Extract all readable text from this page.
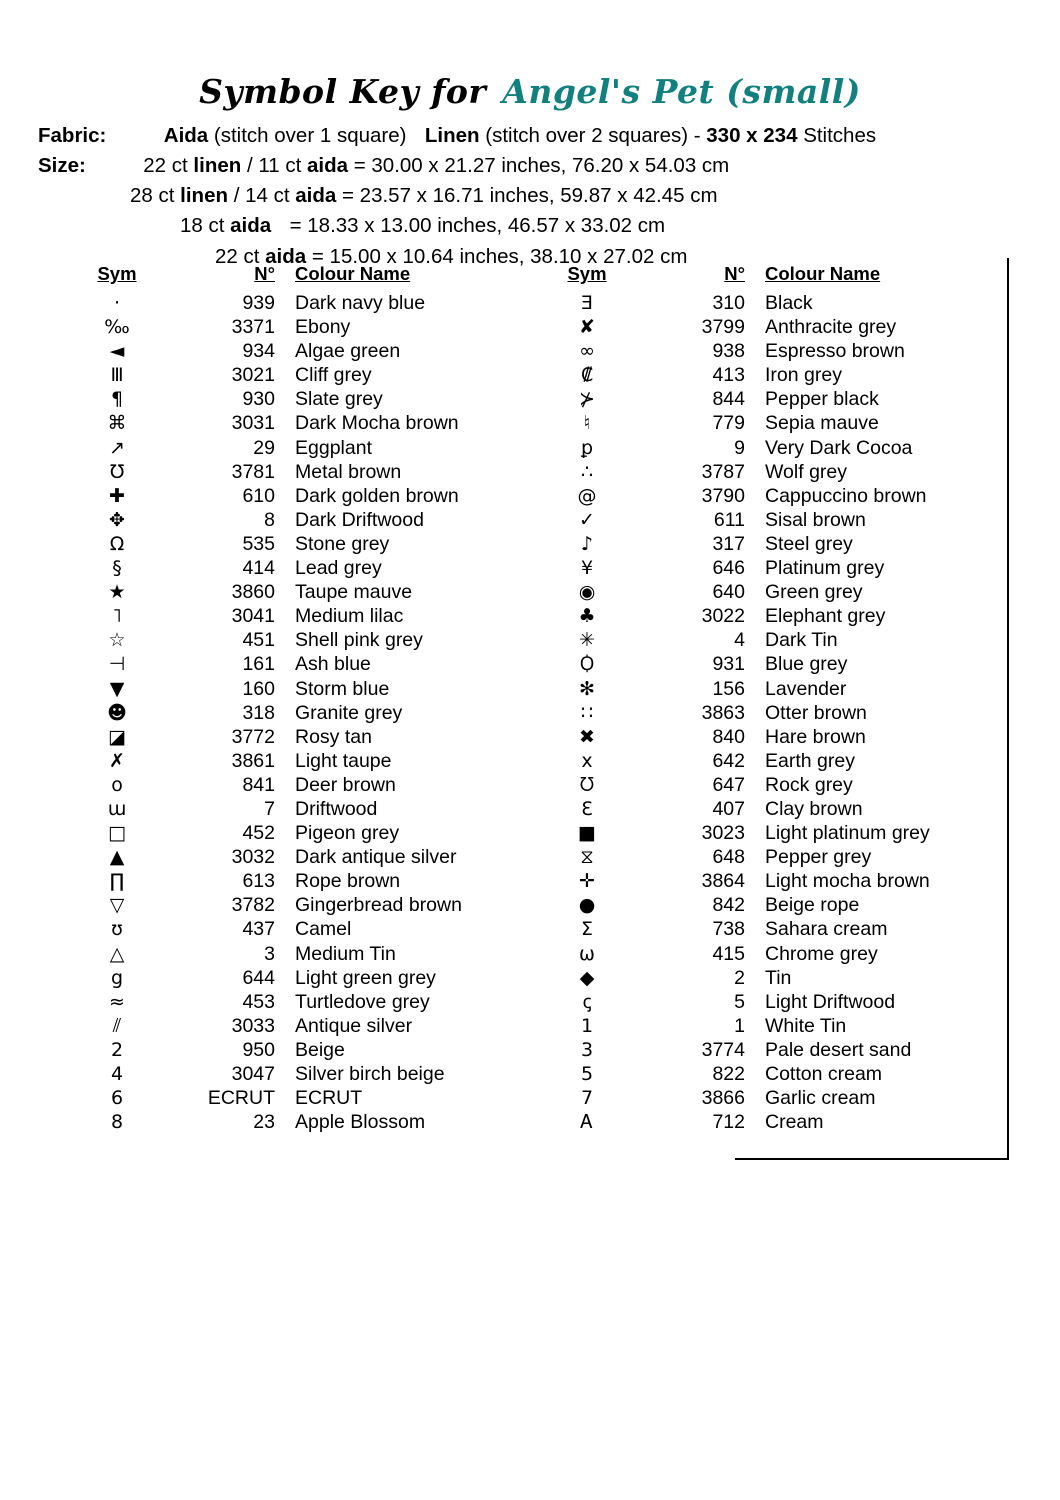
Symbol Key for Angel's Pet (small)
Fabric:	Aida (stitch over 1 square) Linen (stitch over 2 squares) - 330 x 234 Stitches
Size:	22 ct linen / 11 ct aida = 30.00 x 21.27 inches, 76.20 x 54.03 cm
28 ct linen / 14 ct aida = 23.57 x 16.71 inches, 59.87 x 42.45 cm
18 ct aida = 18.33 x 13.00 inches, 46.57 x 33.02 cm
22 ct aida = 15.00 x 10.64 inches, 38.10 x 27.02 cm
Sym	N°	Colour Name
·	939	Dark navy blue
‰	3371	Ebony
◄	934	Algae green
Ⅲ	3021	Cliff grey
¶	930	Slate grey
⌘	3031	Dark Mocha brown
↗	29	Eggplant
℧	3781	Metal brown
✚	610	Dark golden brown
✥	8	Dark Driftwood
Ω	535	Stone grey
§	414	Lead grey
★	3860	Taupe mauve
˥	3041	Medium lilac
☆	451	Shell pink grey
⊣	161	Ash blue
▼	160	Storm blue
☻	318	Granite grey
◪	3772	Rosy tan
✗	3861	Light taupe
o	841	Deer brown
ɯ	7	Driftwood
□	452	Pigeon grey
▲	3032	Dark antique silver
∏	613	Rope brown
▽	3782	Gingerbread brown
ʊ	437	Camel
△	3	Medium Tin
g	644	Light green grey
≈	453	Turtledove grey
⫽	3033	Antique silver
2	950	Beige
4	3047	Silver birch beige
6	ECRUT	ECRUT
8	23	Apple Blossom
Sym	N°	Colour Name
Ǝ	310	Black
✘	3799	Anthracite grey
∞	938	Espresso brown
₡	413	Iron grey
⊁	844	Pepper black
♮	779	Sepia mauve
ꝑ	9	Very Dark Cocoa
∴	3787	Wolf grey
@	3790	Cappuccino brown
✓	611	Sisal brown
♪	317	Steel grey
¥	646	Platinum grey
◉	640	Green grey
♣	3022	Elephant grey
✳	4	Dark Tin
Ꟁ	931	Blue grey
✻	156	Lavender
∷	3863	Otter brown
✖	840	Hare brown
x	642	Earth grey
ᘮ	647	Rock grey
Ɛ	407	Clay brown
■	3023	Light platinum grey
⧖	648	Pepper grey
✛	3864	Light mocha brown
●	842	Beige rope
Σ	738	Sahara cream
ω	415	Chrome grey
◆	2	Tin
ꞔ	5	Light Driftwood
1	1	White Tin
3	3774	Pale desert sand
5	822	Cotton cream
7	3866	Garlic cream
Ꭺ	712	Cream
